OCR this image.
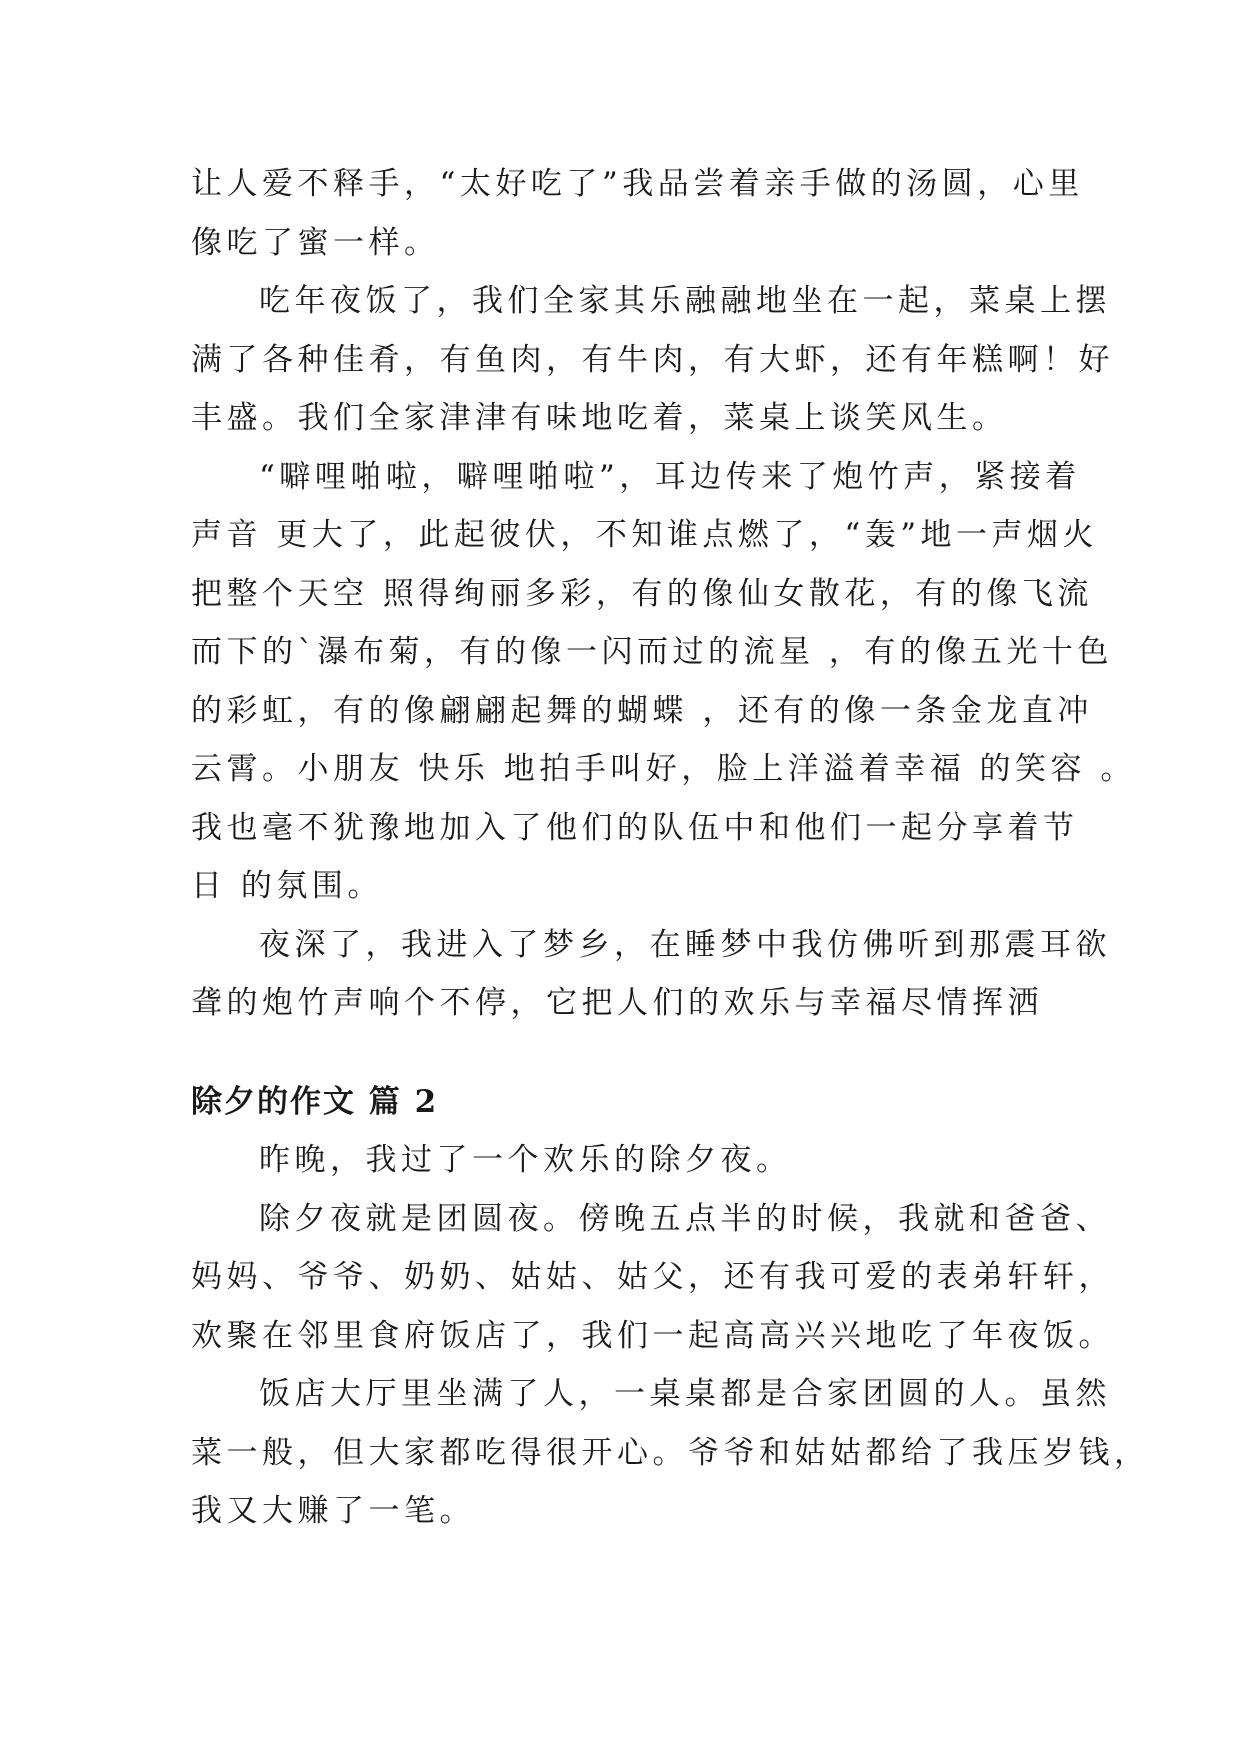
让人爱不释手，“太好吃了”我品尝着亲手做的汤圆，心里
像吃了蜜一样。
吃年夜饭了，我们全家其乐融融地坐在一起，菜桌上摆
满了各种佳肴，有鱼肉，有牛肉，有大虾，还有年糕啊！好
丰盛。我们全家津津有味地吃着，菜桌上谈笑风生。
“噼哩啪啦，噼哩啪啦”，耳边传来了炮竹声，紧接着
声音 更大了，此起彼伏，不知谁点燃了，“轰”地一声烟火
把整个天空 照得绚丽多彩，有的像仙女散花，有的像飞流
而下的`瀑布菊，有的像一闪而过的流星 ，有的像五光十色
的彩虹，有的像翩翩起舞的蝴蝶 ，还有的像一条金龙直冲
云霄。小朋友 快乐 地拍手叫好，脸上洋溢着幸福 的笑容 。
我也毫不犹豫地加入了他们的队伍中和他们一起分享着节
日 的氛围。
夜深了，我进入了梦乡，在睡梦中我仿佛听到那震耳欲
聋的炮竹声响个不停，它把人们的欢乐与幸福尽情挥洒
除夕的作文 篇 2
昨晚，我过了一个欢乐的除夕夜。
除夕夜就是团圆夜。傍晚五点半的时候，我就和爸爸、
妈妈、爷爷、奶奶、姑姑、姑父，还有我可爱的表弟轩轩，
欢聚在邻里食府饭店了，我们一起高高兴兴地吃了年夜饭。
饭店大厅里坐满了人，一桌桌都是合家团圆的人。虽然
菜一般，但大家都吃得很开心。爷爷和姑姑都给了我压岁钱，
我又大赚了一笔。
